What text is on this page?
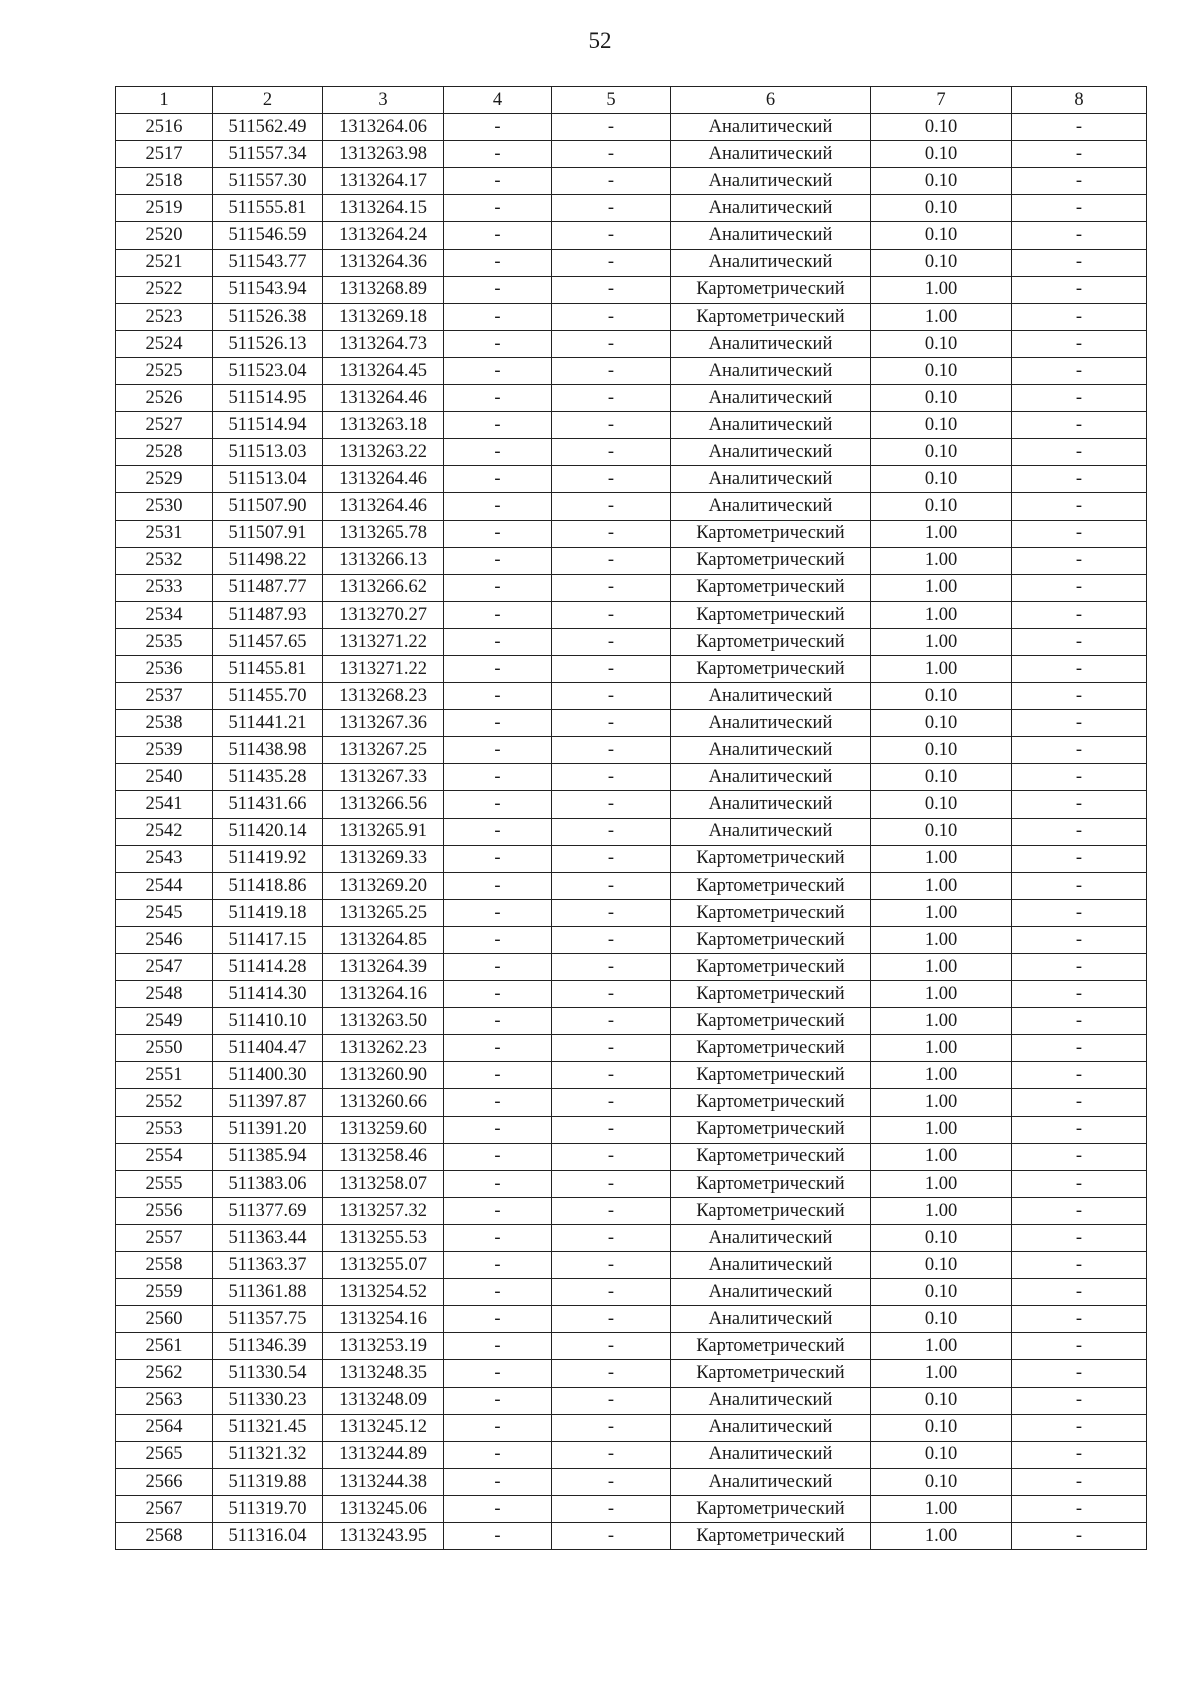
52
1	2	3	4	5	6	7	8
2516	511562.49	1313264.06	-	-	Аналитический	0.10	-
2517	511557.34	1313263.98	-	-	Аналитический	0.10	-
2518	511557.30	1313264.17	-	-	Аналитический	0.10	-
2519	511555.81	1313264.15	-	-	Аналитический	0.10	-
2520	511546.59	1313264.24	-	-	Аналитический	0.10	-
2521	511543.77	1313264.36	-	-	Аналитический	0.10	-
2522	511543.94	1313268.89	-	-	Картометрический	1.00	-
2523	511526.38	1313269.18	-	-	Картометрический	1.00	-
2524	511526.13	1313264.73	-	-	Аналитический	0.10	-
2525	511523.04	1313264.45	-	-	Аналитический	0.10	-
2526	511514.95	1313264.46	-	-	Аналитический	0.10	-
2527	511514.94	1313263.18	-	-	Аналитический	0.10	-
2528	511513.03	1313263.22	-	-	Аналитический	0.10	-
2529	511513.04	1313264.46	-	-	Аналитический	0.10	-
2530	511507.90	1313264.46	-	-	Аналитический	0.10	-
2531	511507.91	1313265.78	-	-	Картометрический	1.00	-
2532	511498.22	1313266.13	-	-	Картометрический	1.00	-
2533	511487.77	1313266.62	-	-	Картометрический	1.00	-
2534	511487.93	1313270.27	-	-	Картометрический	1.00	-
2535	511457.65	1313271.22	-	-	Картометрический	1.00	-
2536	511455.81	1313271.22	-	-	Картометрический	1.00	-
2537	511455.70	1313268.23	-	-	Аналитический	0.10	-
2538	511441.21	1313267.36	-	-	Аналитический	0.10	-
2539	511438.98	1313267.25	-	-	Аналитический	0.10	-
2540	511435.28	1313267.33	-	-	Аналитический	0.10	-
2541	511431.66	1313266.56	-	-	Аналитический	0.10	-
2542	511420.14	1313265.91	-	-	Аналитический	0.10	-
2543	511419.92	1313269.33	-	-	Картометрический	1.00	-
2544	511418.86	1313269.20	-	-	Картометрический	1.00	-
2545	511419.18	1313265.25	-	-	Картометрический	1.00	-
2546	511417.15	1313264.85	-	-	Картометрический	1.00	-
2547	511414.28	1313264.39	-	-	Картометрический	1.00	-
2548	511414.30	1313264.16	-	-	Картометрический	1.00	-
2549	511410.10	1313263.50	-	-	Картометрический	1.00	-
2550	511404.47	1313262.23	-	-	Картометрический	1.00	-
2551	511400.30	1313260.90	-	-	Картометрический	1.00	-
2552	511397.87	1313260.66	-	-	Картометрический	1.00	-
2553	511391.20	1313259.60	-	-	Картометрический	1.00	-
2554	511385.94	1313258.46	-	-	Картометрический	1.00	-
2555	511383.06	1313258.07	-	-	Картометрический	1.00	-
2556	511377.69	1313257.32	-	-	Картометрический	1.00	-
2557	511363.44	1313255.53	-	-	Аналитический	0.10	-
2558	511363.37	1313255.07	-	-	Аналитический	0.10	-
2559	511361.88	1313254.52	-	-	Аналитический	0.10	-
2560	511357.75	1313254.16	-	-	Аналитический	0.10	-
2561	511346.39	1313253.19	-	-	Картометрический	1.00	-
2562	511330.54	1313248.35	-	-	Картометрический	1.00	-
2563	511330.23	1313248.09	-	-	Аналитический	0.10	-
2564	511321.45	1313245.12	-	-	Аналитический	0.10	-
2565	511321.32	1313244.89	-	-	Аналитический	0.10	-
2566	511319.88	1313244.38	-	-	Аналитический	0.10	-
2567	511319.70	1313245.06	-	-	Картометрический	1.00	-
2568	511316.04	1313243.95	-	-	Картометрический	1.00	-
